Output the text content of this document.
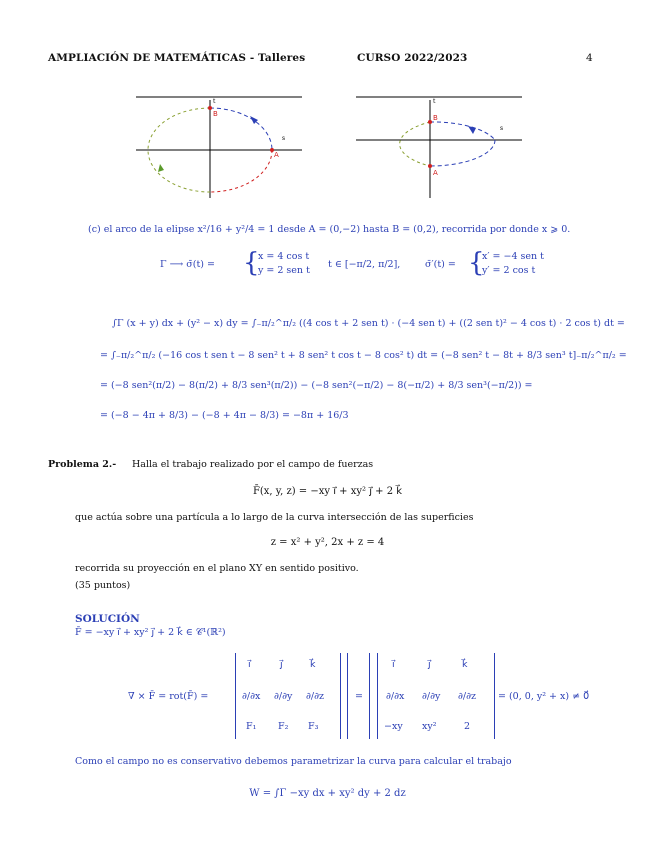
AMPLIACIÓN DE MATEMÁTICAS - Talleres	CURSO 2022/2023	4
B
A
t
s
B
A
t
s
(c) el arco de la elipse x²/16 + y²/4 = 1 desde A = (0,−2) hasta B = (0,2), recorrida por donde x ⩾ 0.
Γ ⟶ σ̄(t) = {
x = 4 cos t
y = 2 sen t
t ∈ [−π/2, π/2],	σ̄′(t) = {
x′ = −4 sen t
y′ = 2 cos t
∫Γ (x + y) dx + (y² − x) dy = ∫₋π/₂^π/₂ ((4 cos t + 2 sen t) · (−4 sen t) + ((2 sen t)² − 4 cos t) · 2 cos t) dt =
= ∫₋π/₂^π/₂ (−16 cos t sen t − 8 sen² t + 8 sen² t cos t − 8 cos² t) dt = (−8 sen² t − 8t + 8/3 sen³ t]₋π/₂^π/₂ =
= (−8 sen²(π/2) − 8(π/2) + 8/3 sen³(π/2)) − (−8 sen²(−π/2) − 8(−π/2) + 8/3 sen³(−π/2)) =
= (−8 − 4π + 8/3) − (−8 + 4π − 8/3) = −8π + 16/3
Problema 2.- Halla el trabajo realizado por el campo de fuerzas
F̄(x, y, z) = −xy ı⃗ + xy² ȷ⃗ + 2 k⃗
que actúa sobre una partícula a lo largo de la curva intersección de las superficies
z = x² + y², 2x + z = 4
recorrida su proyección en el plano XY en sentido positivo.
(35 puntos)
SOLUCIÓN
F̄ = −xy ı⃗ + xy² ȷ⃗ + 2 k⃗ ∈ 𝒞¹(ℝ²)
∇ × F̄ = rot(F̄) =
ı⃗	ȷ⃗	k⃗
∂/∂x ∂/∂y ∂/∂z
F₁ F₂ F₃
=
ı⃗	ȷ⃗	k⃗
∂/∂x ∂/∂y ∂/∂z
−xy xy²	2
= (0, 0, y² + x) ≠ 0⃗
Como el campo no es conservativo debemos parametrizar la curva para calcular el trabajo
W = ∫Γ −xy dx + xy² dy + 2 dz
